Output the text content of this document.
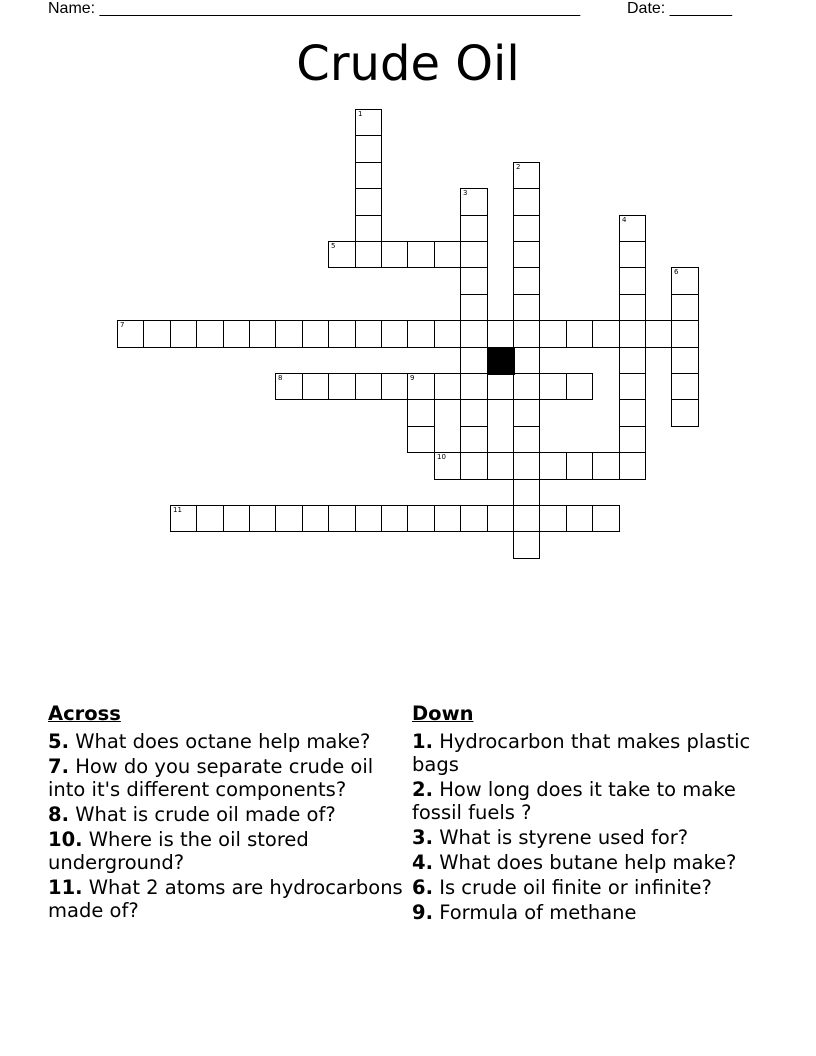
Name: ______________________________________________________	Date: _______
Crude Oil
1
2
3
4
5
6
7
8	9
10
11
Across
5. What does octane help make?
7. How do you separate crude oil into it's different components?
8. What is crude oil made of?
10. Where is the oil stored underground?
11. What 2 atoms are hydrocarbons made of?
Down
1. Hydrocarbon that makes plastic bags
2. How long does it take to make fossil fuels ?
3. What is styrene used for?
4. What does butane help make?
6. Is crude oil finite or infinite?
9. Formula of methane
